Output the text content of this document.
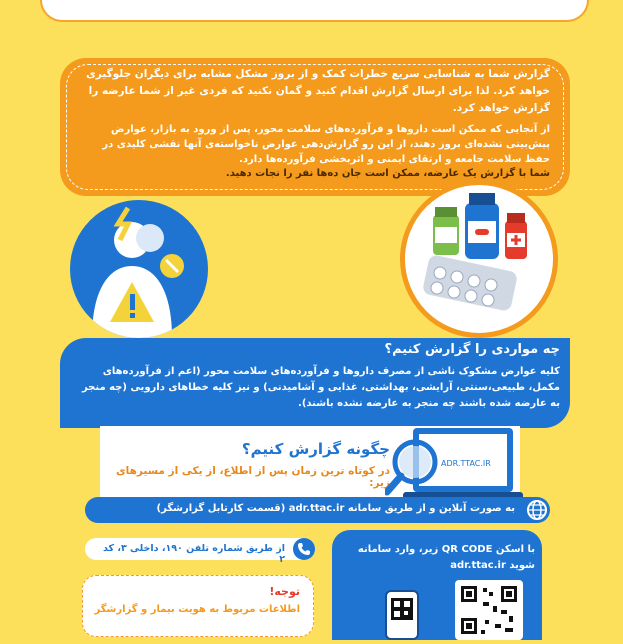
گزارش شما به شناسایی سریع خطرات کمک و از بروز مشکل مشابه برای دیگران جلوگیری خواهد کرد. لذا برای ارسال گزارش اقدام کنید و گمان نکنید که فردی غیر از شما عارضه را گزارش خواهد کرد.
از آنجایی که ممکن است داروها و فرآورده‌های سلامت محور، پس از ورود به بازار، عوارض پیش‌بینی نشده‌ای بروز دهند، از این رو گزارش‌دهی عوارض ناخواسته‌ی آنها نقشی کلیدی در حفظ سلامت جامعه و ارتقای ایمنی و اثربخشی فرآورده‌ها دارد.
شما با گزارش یک عارضه، ممکن است جان ده‌ها نفر را نجات دهید.
چه مواردی را گزارش کنیم؟
کلیه عوارض مشکوک ناشی از مصرف داروها و فرآورده‌های سلامت محور (اعم از فرآورده‌های مکمل، طبیعی،سنتی، آرایشی، بهداشتی، غذایی و آشامیدنی) و نیز کلیه خطاهای دارویی (چه منجر به عارضه شده باشند چه منجر به عارضه نشده باشند).
چگونه گزارش کنیم؟
در کوتاه ترین زمان پس از اطلاع، از یکی از مسیرهای زیر:
ADR.TTAC.IR
به صورت آنلاین و از طریق سامانه adr.ttac.ir (قسمت کارتابل گزارشگر)
از طریق شماره تلفن ۱۹۰، داخلی ۳، کد ۲
با اسکن QR CODE زیر، وارد سامانه
adr.ttac.ir شوید
توجه!
اطلاعات مربوط به هویت بیمار و گزارشگر
